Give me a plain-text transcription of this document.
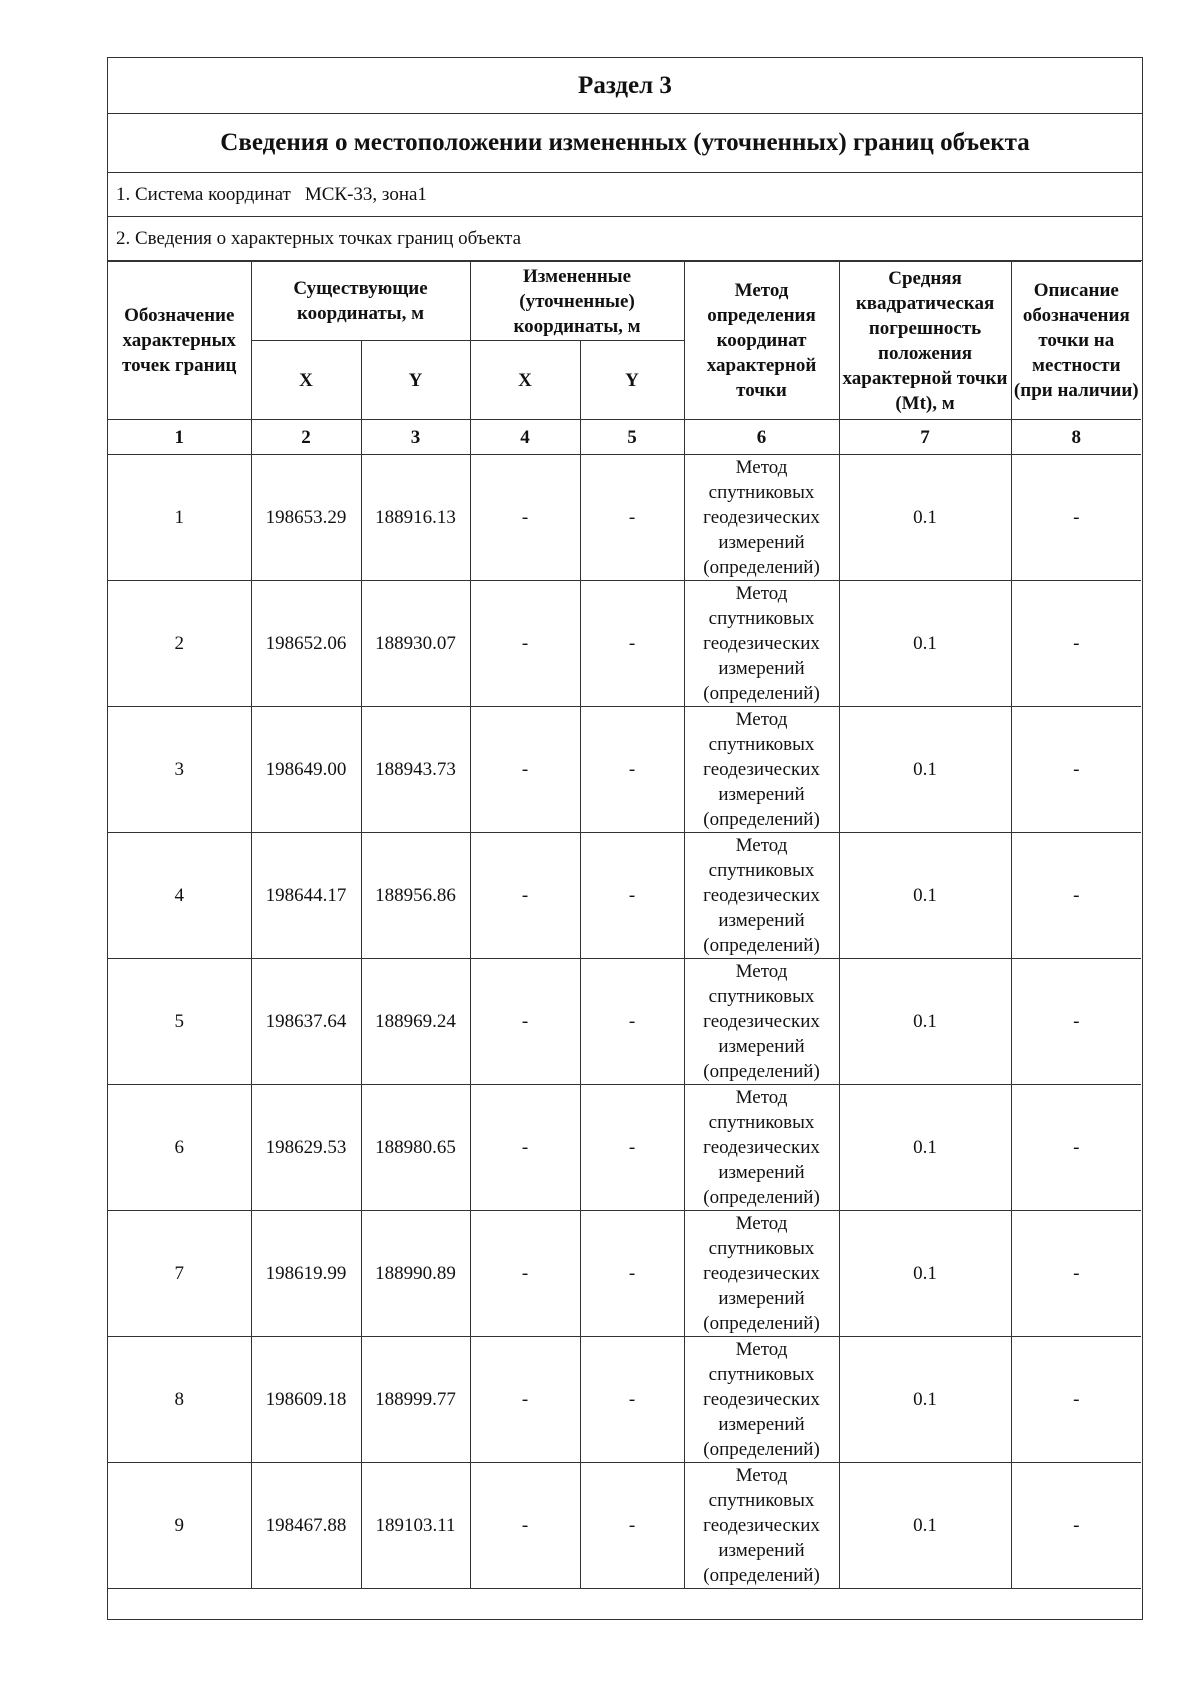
Раздел 3
Сведения о местоположении измененных (уточненных) границ объекта
1. Система координат МСК-33, зона1
2. Сведения о характерных точках границ объекта
Обозначение характерных точек границ	Существующие координаты, м		Измененные (уточненные) координаты, м		Метод определения координат характерной точки	Средняя квадратическая погрешность положения характерной точки (Mt), м	Описание обозначения точки на местности (при наличии)
	X	Y	X	Y			
1	2	3	4	5	6	7	8
1	198653.29	188916.13	-	-	Метод спутниковых геодезических измерений (определений)	0.1	-
2	198652.06	188930.07	-	-	Метод спутниковых геодезических измерений (определений)	0.1	-
3	198649.00	188943.73	-	-	Метод спутниковых геодезических измерений (определений)	0.1	-
4	198644.17	188956.86	-	-	Метод спутниковых геодезических измерений (определений)	0.1	-
5	198637.64	188969.24	-	-	Метод спутниковых геодезических измерений (определений)	0.1	-
6	198629.53	188980.65	-	-	Метод спутниковых геодезических измерений (определений)	0.1	-
7	198619.99	188990.89	-	-	Метод спутниковых геодезических измерений (определений)	0.1	-
8	198609.18	188999.77	-	-	Метод спутниковых геодезических измерений (определений)	0.1	-
9	198467.88	189103.11	-	-	Метод спутниковых геодезических измерений (определений)	0.1	-
